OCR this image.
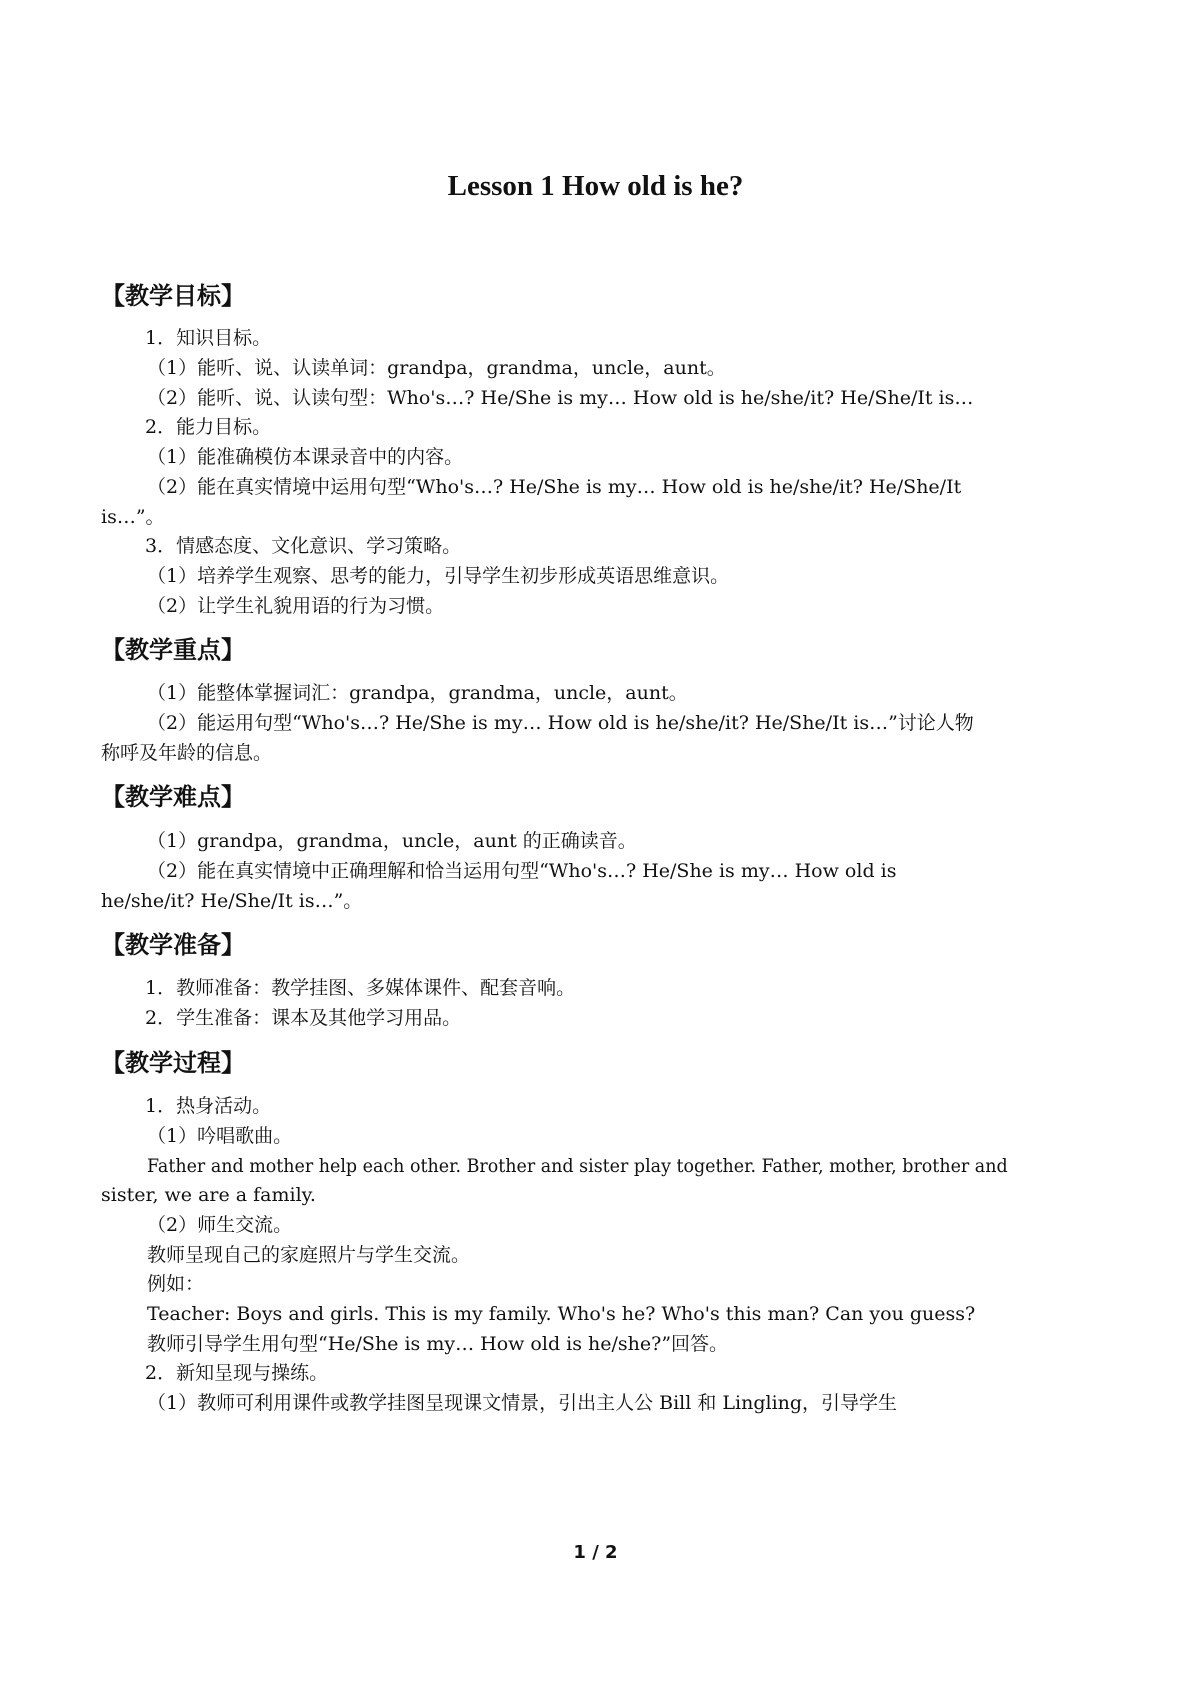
Lesson 1 How old is he?
【教学目标】
1．知识目标。
（1）能听、说、认读单词：grandpa，grandma，uncle，aunt。
（2）能听、说、认读句型：Who's…? He/She is my… How old is he/she/it? He/She/It is…
2．能力目标。
（1）能准确模仿本课录音中的内容。
（2）能在真实情境中运用句型“Who's…? He/She is my… How old is he/she/it? He/She/It
is…”。
3．情感态度、文化意识、学习策略。
（1）培养学生观察、思考的能力，引导学生初步形成英语思维意识。
（2）让学生礼貌用语的行为习惯。
【教学重点】
（1）能整体掌握词汇：grandpa，grandma，uncle，aunt。
（2）能运用句型“Who's…? He/She is my… How old is he/she/it? He/She/It is…”讨论人物
称呼及年龄的信息。
【教学难点】
（1）grandpa，grandma，uncle，aunt 的正确读音。
（2）能在真实情境中正确理解和恰当运用句型“Who's…? He/She is my… How old is
he/she/it? He/She/It is…”。
【教学准备】
1．教师准备：教学挂图、多媒体课件、配套音响。
2．学生准备：课本及其他学习用品。
【教学过程】
1．热身活动。
（1）吟唱歌曲。
Father and mother help each other. Brother and sister play together. Father, mother, brother and
sister, we are a family.
（2）师生交流。
教师呈现自己的家庭照片与学生交流。
例如：
Teacher: Boys and girls. This is my family. Who's he? Who's this man? Can you guess?
教师引导学生用句型“He/She is my… How old is he/she?”回答。
2．新知呈现与操练。
（1）教师可利用课件或教学挂图呈现课文情景，引出主人公 Bill 和 Lingling，引导学生
1 / 2
